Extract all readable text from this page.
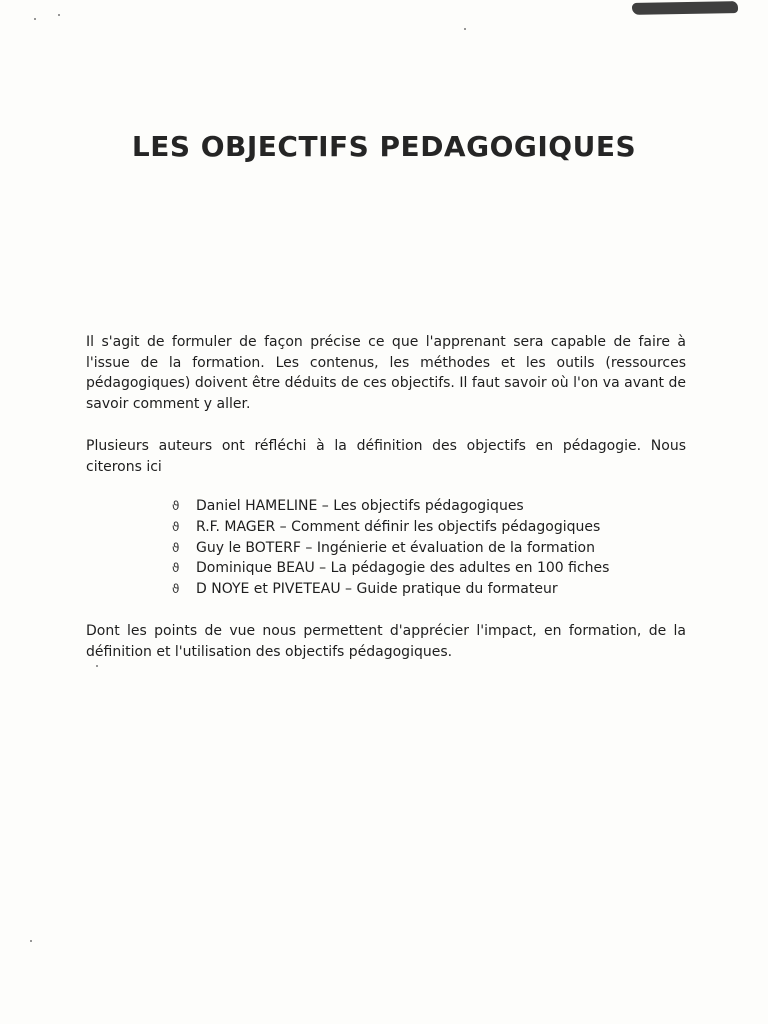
LES OBJECTIFS PEDAGOGIQUES

Il s'agit de formuler de façon précise ce que l'apprenant sera capable de faire à l'issue de la formation. Les contenus, les méthodes et les outils (ressources pédagogiques) doivent être déduits de ces objectifs. Il faut savoir où l'on va avant de savoir comment y aller.

Plusieurs auteurs ont réfléchi à la définition des objectifs en pédagogie. Nous citerons ici

ϑ	Daniel HAMELINE – Les objectifs pédagogiques
ϑ	R.F. MAGER – Comment définir les objectifs pédagogiques
ϑ	Guy le BOTERF – Ingénierie et évaluation de la formation
ϑ	Dominique BEAU – La pédagogie des adultes en 100 fiches
ϑ	D NOYE et PIVETEAU – Guide pratique du formateur

Dont les points de vue nous permettent d'apprécier l'impact, en formation, de la définition et l'utilisation des objectifs pédagogiques.
